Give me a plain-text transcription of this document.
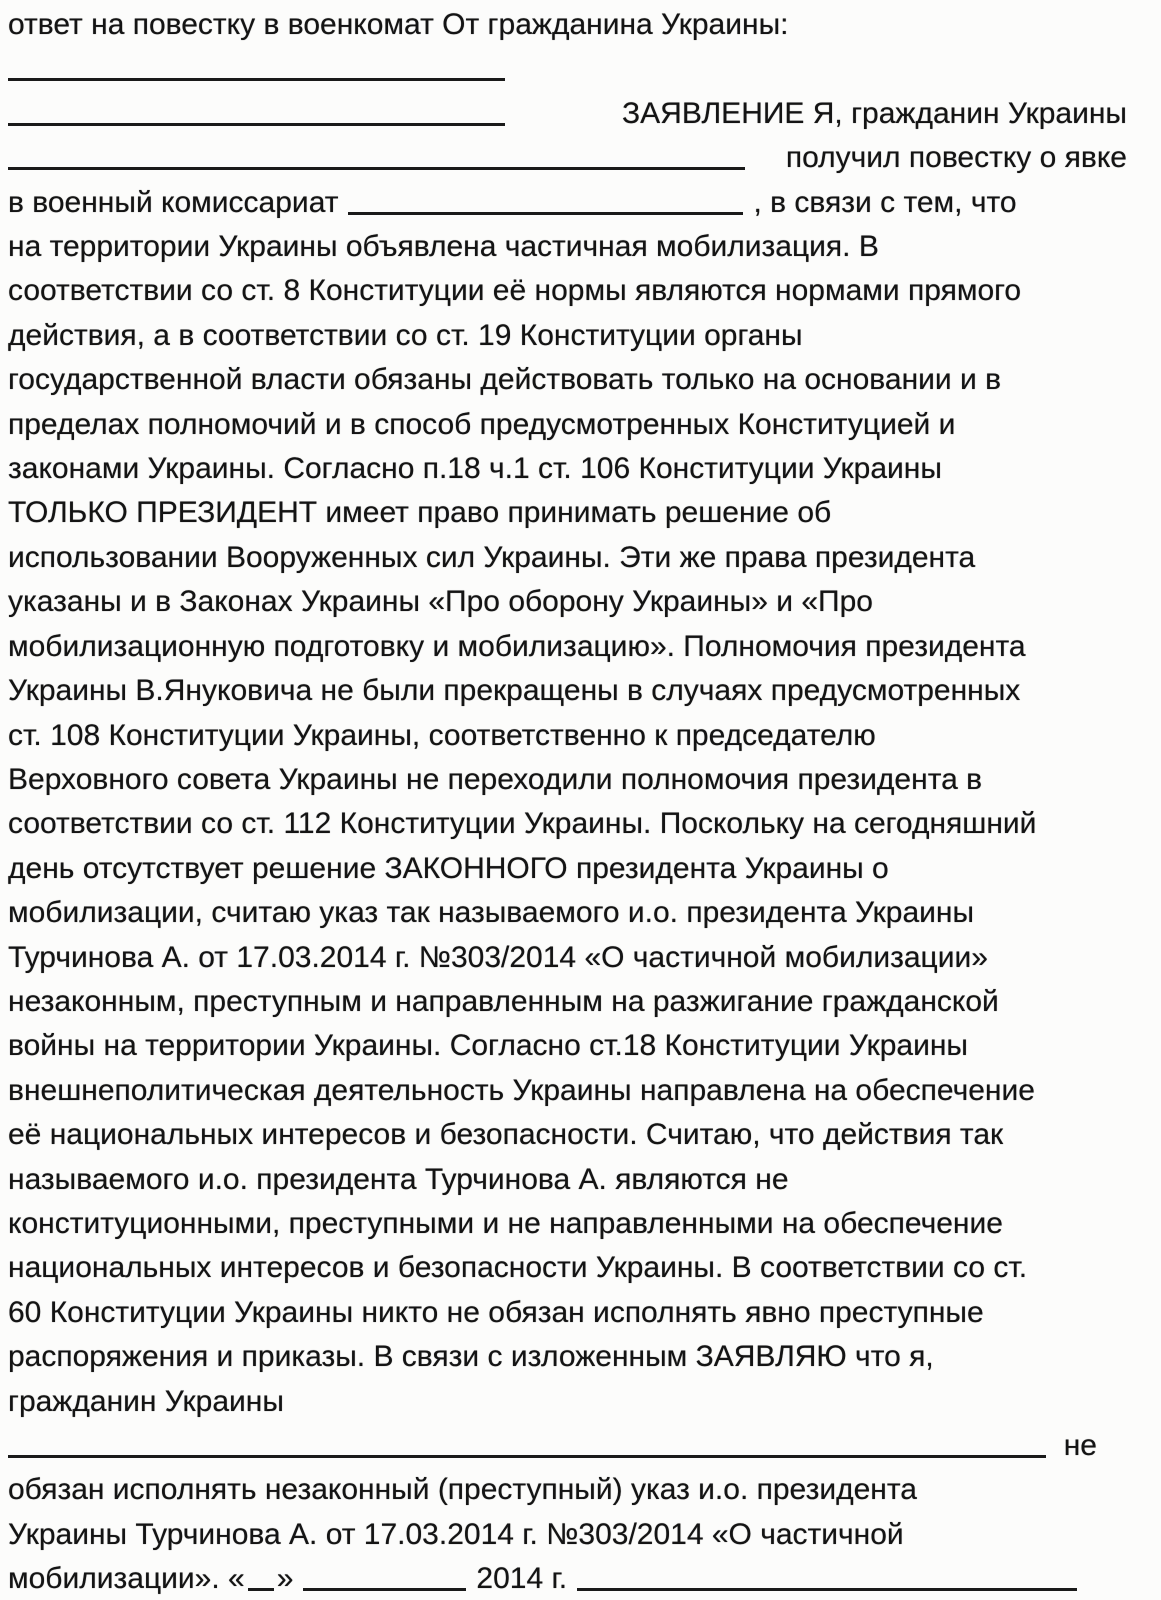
ответ на повестку в военкомат От гражданина Украины:
ЗАЯВЛЕНИЕ Я, гражданин Украины
получил повестку о явке
в военный комиссариат	, в связи с тем, что
на территории Украины объявлена частичная мобилизация. В
соответствии со ст. 8 Конституции её нормы являются нормами прямого
действия, а в соответствии со ст. 19 Конституции органы
государственной власти обязаны действовать только на основании и в
пределах полномочий и в способ предусмотренных Конституцией и
законами Украины. Согласно п.18 ч.1 ст. 106 Конституции Украины
ТОЛЬКО ПРЕЗИДЕНТ имеет право принимать решение об
использовании Вооруженных сил Украины. Эти же права президента
указаны и в Законах Украины «Про оборону Украины» и «Про
мобилизационную подготовку и мобилизацию». Полномочия президента
Украины В.Януковича не были прекращены в случаях предусмотренных
ст. 108 Конституции Украины, соответственно к председателю
Верховного совета Украины не переходили полномочия президента в
соответствии со ст. 112 Конституции Украины. Поскольку на сегодняшний
день отсутствует решение ЗАКОННОГО президента Украины о
мобилизации, считаю указ так называемого и.о. президента Украины
Турчинова А. от 17.03.2014 г. №303/2014 «О частичной мобилизации»
незаконным, преступным и направленным на разжигание гражданской
войны на территории Украины. Согласно ст.18 Конституции Украины
внешнеполитическая деятельность Украины направлена на обеспечение
её национальных интересов и безопасности. Считаю, что действия так
называемого и.о. президента Турчинова А. являются не
конституционными, преступными и не направленными на обеспечение
национальных интересов и безопасности Украины. В соответствии со ст.
60 Конституции Украины никто не обязан исполнять явно преступные
распоряжения и приказы. В связи с изложенным ЗАЯВЛЯЮ что я,
гражданин Украины
не
обязан исполнять незаконный (преступный) указ и.о. президента
Украины Турчинова А. от 17.03.2014 г. №303/2014 «О частичной
мобилизации». « »	2014 г.
